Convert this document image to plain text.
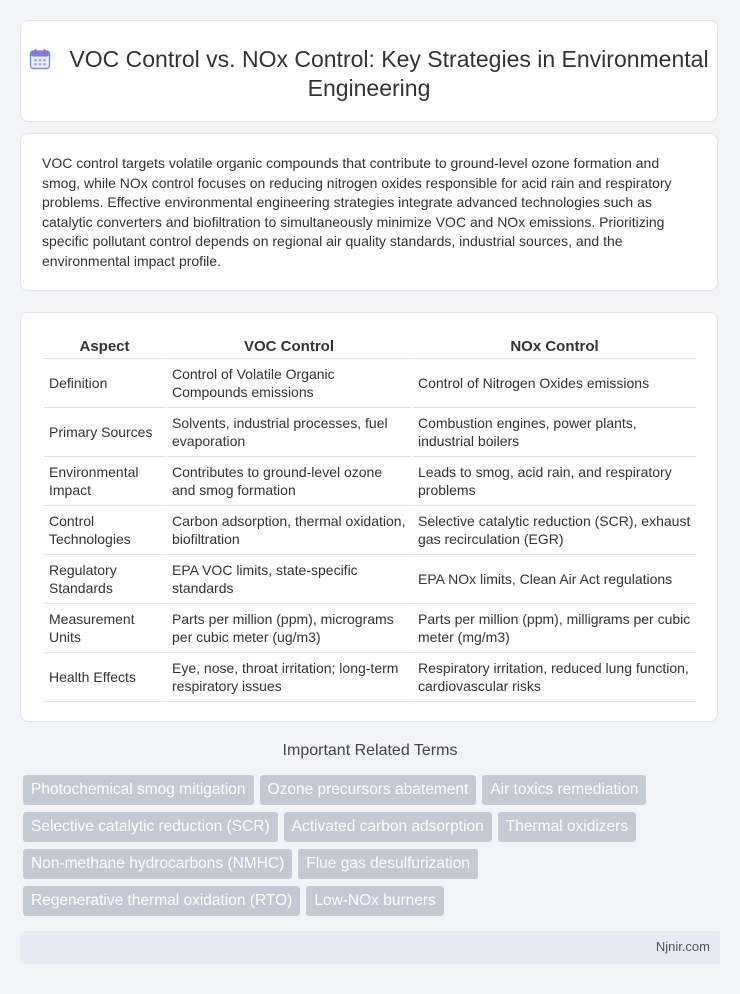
VOC Control vs. NOx Control: Key Strategies in Environmental Engineering
VOC control targets volatile organic compounds that contribute to ground-level ozone formation and smog, while NOx control focuses on reducing nitrogen oxides responsible for acid rain and respiratory problems. Effective environmental engineering strategies integrate advanced technologies such as catalytic converters and biofiltration to simultaneously minimize VOC and NOx emissions. Prioritizing specific pollutant control depends on regional air quality standards, industrial sources, and the environmental impact profile.
Aspect	VOC Control	NOx Control
Definition	Control of Volatile Organic Compounds emissions	Control of Nitrogen Oxides emissions
Primary Sources	Solvents, industrial processes, fuel evaporation	Combustion engines, power plants, industrial boilers
Environmental Impact	Contributes to ground-level ozone and smog formation	Leads to smog, acid rain, and respiratory problems
Control Technologies	Carbon adsorption, thermal oxidation, biofiltration	Selective catalytic reduction (SCR), exhaust gas recirculation (EGR)
Regulatory Standards	EPA VOC limits, state-specific standards	EPA NOx limits, Clean Air Act regulations
Measurement Units	Parts per million (ppm), micrograms per cubic meter (ug/m3)	Parts per million (ppm), milligrams per cubic meter (mg/m3)
Health Effects	Eye, nose, throat irritation; long-term respiratory issues	Respiratory irritation, reduced lung function, cardiovascular risks
Important Related Terms
Photochemical smog mitigation	Ozone precursors abatement	Air toxics remediation
Selective catalytic reduction (SCR)	Activated carbon adsorption	Thermal oxidizers
Non-methane hydrocarbons (NMHC)	Flue gas desulfurization
Regenerative thermal oxidation (RTO)	Low-NOx burners
Njnir.com
